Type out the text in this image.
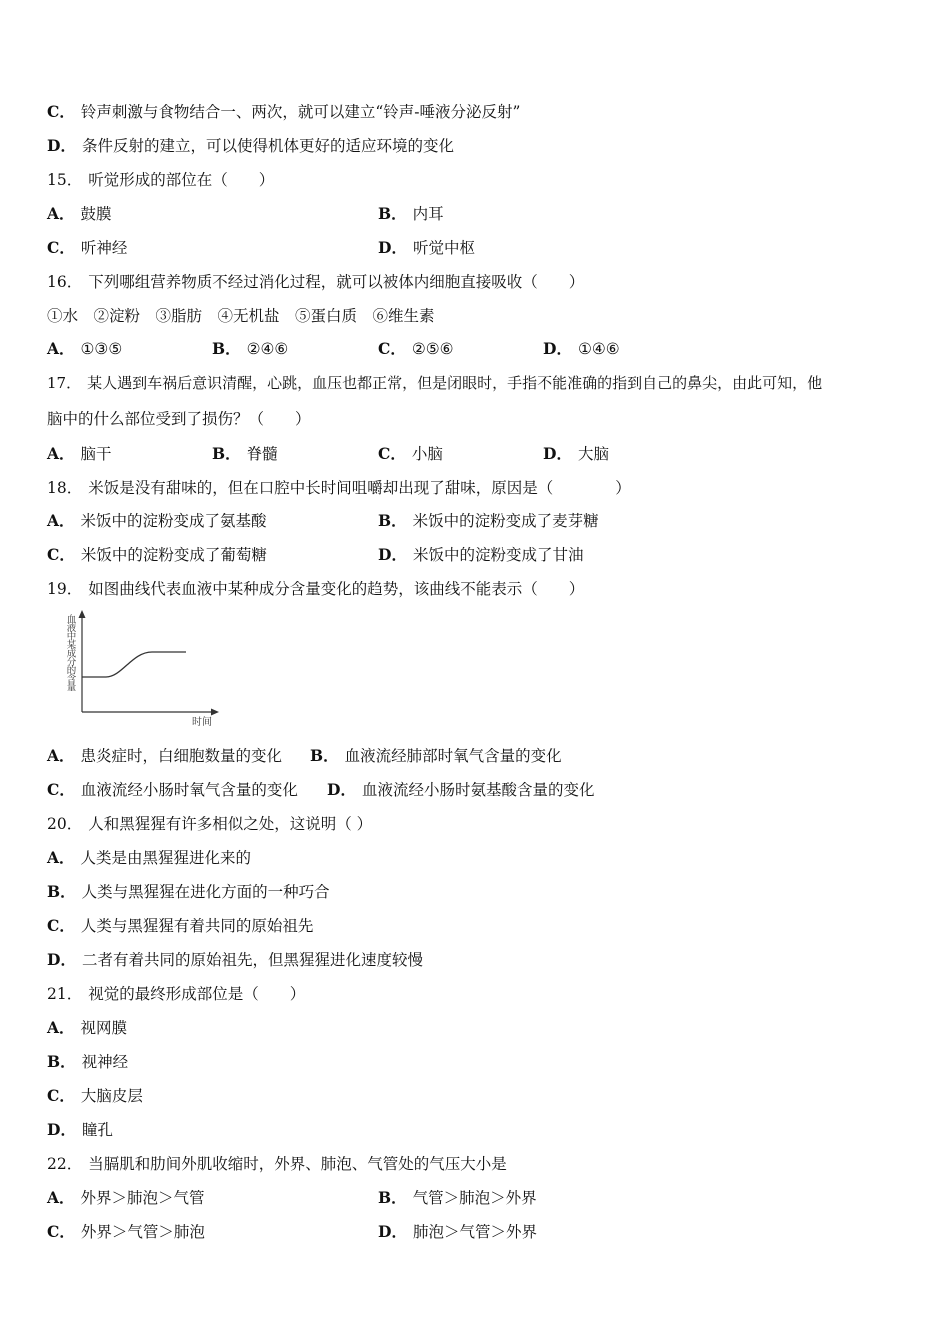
C． 铃声刺激与食物结合一、两次，就可以建立“铃声-唾液分泌反射”
D． 条件反射的建立，可以使得机体更好的适应环境的变化
15． 听觉形成的部位在（　　）
A． 鼓膜	B． 内耳
C． 听神经	D． 听觉中枢
16． 下列哪组营养物质不经过消化过程，就可以被体内细胞直接吸收（　　）
①水　②淀粉　③脂肪　④无机盐　⑤蛋白质　⑥维生素
A． ①③⑤	B． ②④⑥	C． ②⑤⑥	D． ①④⑥
17． 某人遇到车祸后意识清醒，心跳，血压也都正常，但是闭眼时，手指不能准确的指到自己的鼻尖，由此可知，他
脑中的什么部位受到了损伤？（　　）
A． 脑干	B． 脊髓	C． 小脑	D． 大脑
18． 米饭是没有甜味的，但在口腔中长时间咀嚼却出现了甜味，原因是（　　　　）
A． 米饭中的淀粉变成了氨基酸	B． 米饭中的淀粉变成了麦芽糖
C． 米饭中的淀粉变成了葡萄糖	D． 米饭中的淀粉变成了甘油
19． 如图曲线代表血液中某种成分含量变化的趋势，该曲线不能表示（　　）
血液中某成分的含量
时间
A． 患炎症时，白细胞数量的变化 B． 血液流经肺部时氧气含量的变化
C． 血液流经小肠时氧气含量的变化 D． 血液流经小肠时氨基酸含量的变化
20． 人和黑猩猩有许多相似之处，这说明（ ）
A． 人类是由黑猩猩进化来的
B． 人类与黑猩猩在进化方面的一种巧合
C． 人类与黑猩猩有着共同的原始祖先
D． 二者有着共同的原始祖先，但黑猩猩进化速度较慢
21． 视觉的最终形成部位是（　　）
A． 视网膜
B． 视神经
C． 大脑皮层
D． 瞳孔
22． 当膈肌和肋间外肌收缩时，外界、肺泡、气管处的气压大小是
A． 外界＞肺泡＞气管	B． 气管＞肺泡＞外界
C． 外界＞气管＞肺泡	D． 肺泡＞气管＞外界
